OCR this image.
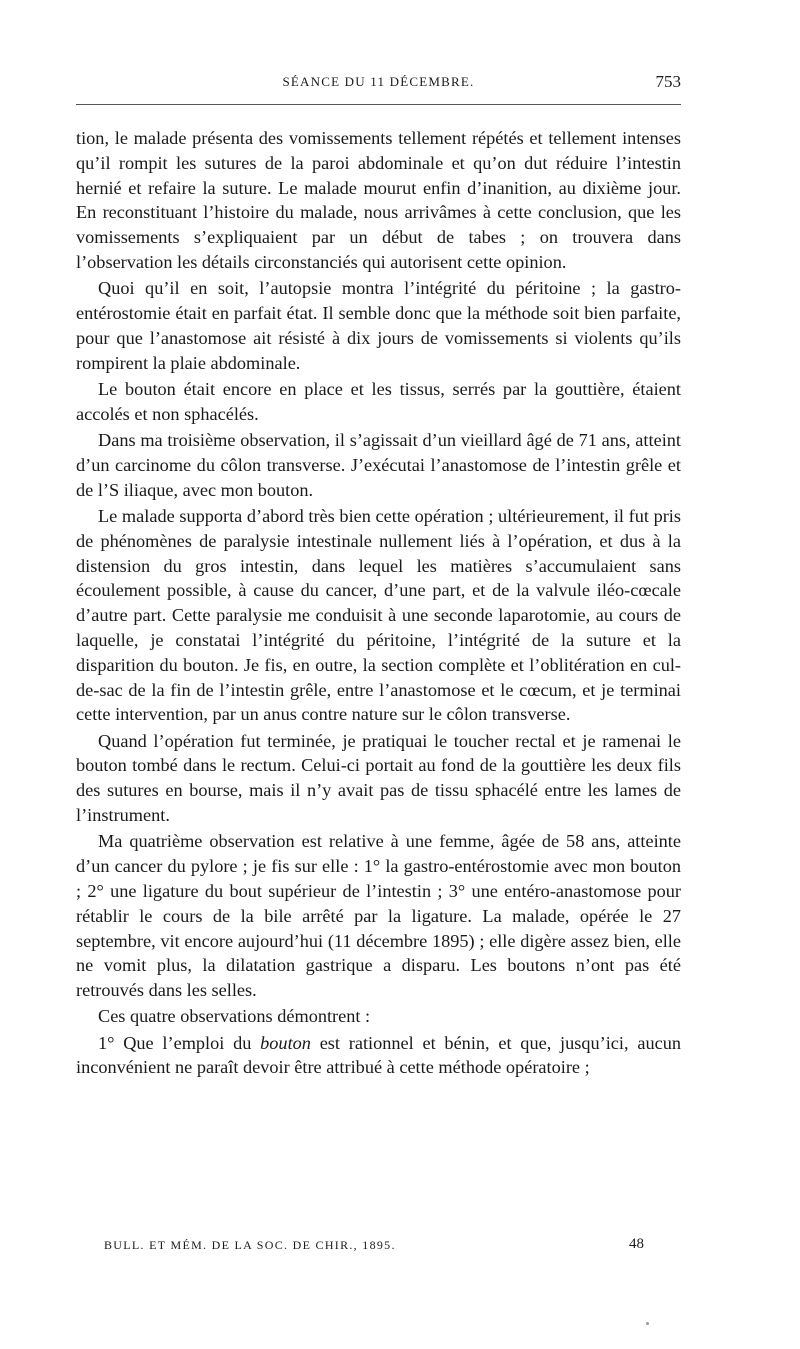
SÉANCE DU 11 DÉCEMBRE.	753

tion, le malade présenta des vomissements tellement répétés et tellement intenses qu’il rompit les sutures de la paroi abdominale et qu’on dut réduire l’intestin hernié et refaire la suture. Le malade mourut enfin d’inanition, au dixième jour. En reconstituant l’histoire du malade, nous arrivâmes à cette conclusion, que les vomissements s’expliquaient par un début de tabes ; on trouvera dans l’observation les détails circonstanciés qui autorisent cette opinion.

Quoi qu’il en soit, l’autopsie montra l’intégrité du péritoine ; la gastro-entérostomie était en parfait état. Il semble donc que la méthode soit bien parfaite, pour que l’anastomose ait résisté à dix jours de vomissements si violents qu’ils rompirent la plaie abdominale.

Le bouton était encore en place et les tissus, serrés par la gouttière, étaient accolés et non sphacélés.

Dans ma troisième observation, il s’agissait d’un vieillard âgé de 71 ans, atteint d’un carcinome du côlon transverse. J’exécutai l’anastomose de l’intestin grêle et de l’S iliaque, avec mon bouton.

Le malade supporta d’abord très bien cette opération ; ultérieurement, il fut pris de phénomènes de paralysie intestinale nullement liés à l’opération, et dus à la distension du gros intestin, dans lequel les matières s’accumulaient sans écoulement possible, à cause du cancer, d’une part, et de la valvule iléo-cœcale d’autre part. Cette paralysie me conduisit à une seconde laparotomie, au cours de laquelle, je constatai l’intégrité du péritoine, l’intégrité de la suture et la disparition du bouton. Je fis, en outre, la section complète et l’oblitération en cul-de-sac de la fin de l’intestin grêle, entre l’anastomose et le cœcum, et je terminai cette intervention, par un anus contre nature sur le côlon transverse.

Quand l’opération fut terminée, je pratiquai le toucher rectal et je ramenai le bouton tombé dans le rectum. Celui-ci portait au fond de la gouttière les deux fils des sutures en bourse, mais il n’y avait pas de tissu sphacélé entre les lames de l’instrument.

Ma quatrième observation est relative à une femme, âgée de 58 ans, atteinte d’un cancer du pylore ; je fis sur elle : 1° la gastro-entérostomie avec mon bouton ; 2° une ligature du bout supérieur de l’intestin ; 3° une entéro-anastomose pour rétablir le cours de la bile arrêté par la ligature. La malade, opérée le 27 septembre, vit encore aujourd’hui (11 décembre 1895) ; elle digère assez bien, elle ne vomit plus, la dilatation gastrique a disparu. Les boutons n’ont pas été retrouvés dans les selles.

Ces quatre observations démontrent :

1° Que l’emploi du bouton est rationnel et bénin, et que, jusqu’ici, aucun inconvénient ne paraît devoir être attribué à cette méthode opératoire ;

BULL. ET MÉM. DE LA SOC. DE CHIR., 1895.	48
